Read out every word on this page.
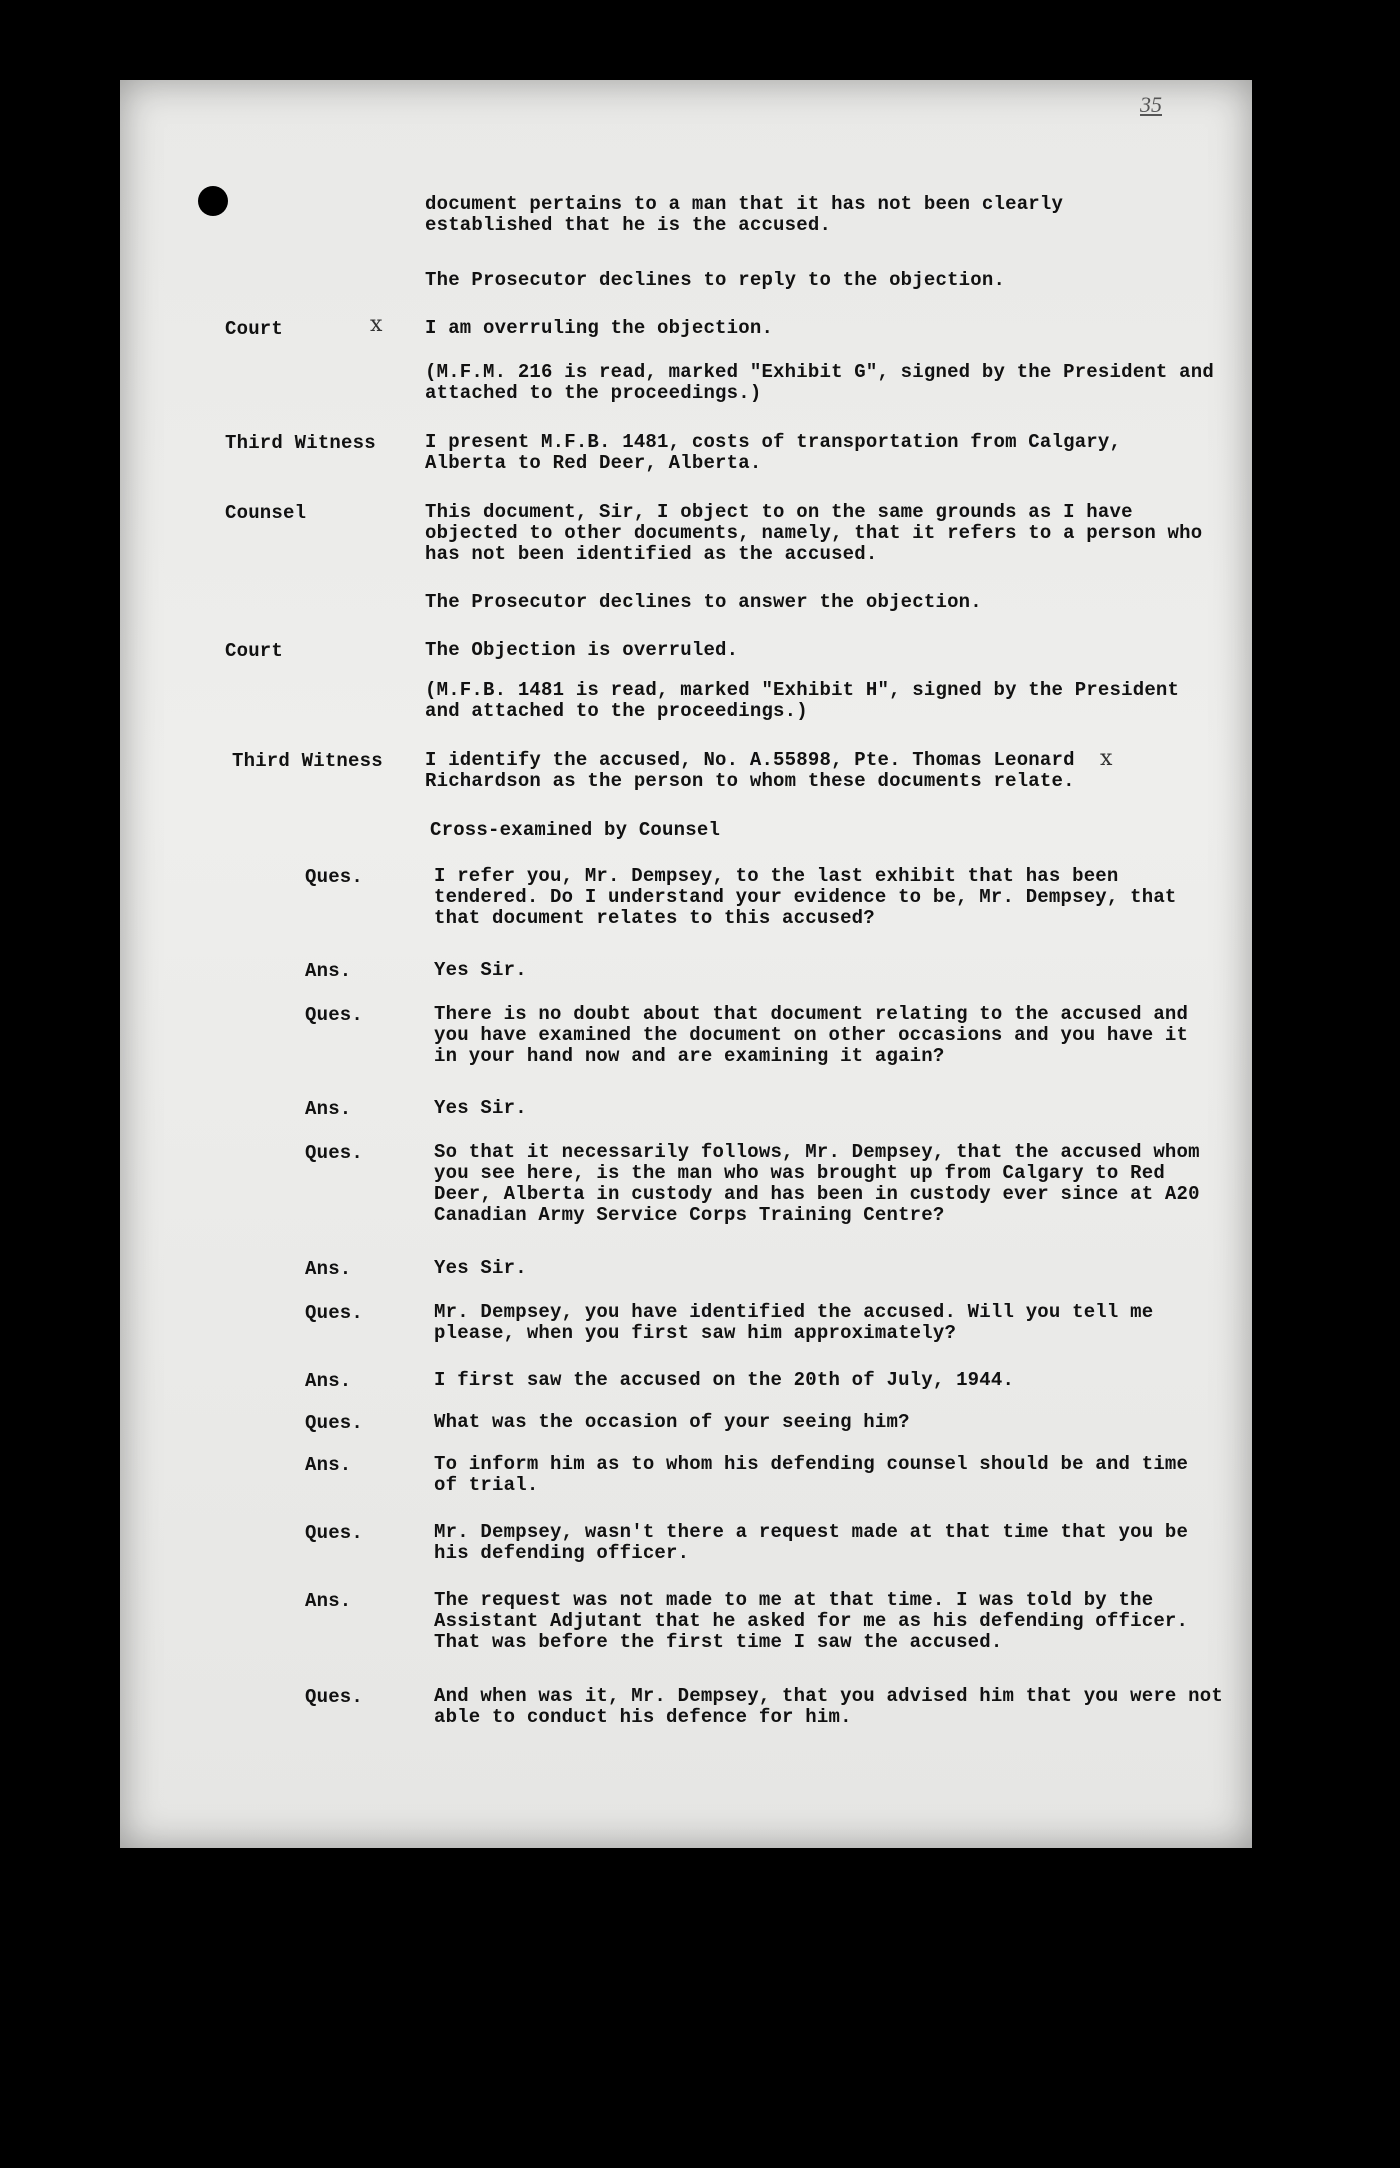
35
document pertains to a man that it has not been clearly established that he is the accused.
The Prosecutor declines to reply to the objection.
Court	ⅹ I am overruling the objection.
(M.F.M. 216 is read, marked "Exhibit G", signed by the President and attached to the proceedings.)
Third Witness	I present M.F.B. 1481, costs of transportation from Calgary, Alberta to Red Deer, Alberta.
Counsel	This document, Sir, I object to on the same grounds as I have objected to other documents, namely, that it refers to a person who has not been identified as the accused.
The Prosecutor declines to answer the objection.
Court	The Objection is overruled.
(M.F.B. 1481 is read, marked "Exhibit H", signed by the President and attached to the proceedings.)
Third Witness I identify the accused, No. A.55898, Pte. Thomas Leonard Richardson as the person to whom these documents relate.
ⅹ
Cross-examined by Counsel
Ques.	I refer you, Mr. Dempsey, to the last exhibit that has been tendered. Do I understand your evidence to be, Mr. Dempsey, that that document relates to this accused?
Ans.	Yes Sir.
Ques.	There is no doubt about that document relating to the accused and you have examined the document on other occasions and you have it in your hand now and are examining it again?
Ans.	Yes Sir.
Ques.	So that it necessarily follows, Mr. Dempsey, that the accused whom you see here, is the man who was brought up from Calgary to Red Deer, Alberta in custody and has been in custody ever since at A20 Canadian Army Service Corps Training Centre?
Ans.	Yes Sir.
Ques.	Mr. Dempsey, you have identified the accused. Will you tell me please, when you first saw him approximately?
Ans.	I first saw the accused on the 20th of July, 1944.
Ques.	What was the occasion of your seeing him?
Ans.	To inform him as to whom his defending counsel should be and time of trial.
Ques.	Mr. Dempsey, wasn't there a request made at that time that you be his defending officer.
Ans.	The request was not made to me at that time. I was told by the Assistant Adjutant that he asked for me as his defending officer. That was before the first time I saw the accused.
Ques.	And when was it, Mr. Dempsey, that you advised him that you were not able to conduct his defence for him.
